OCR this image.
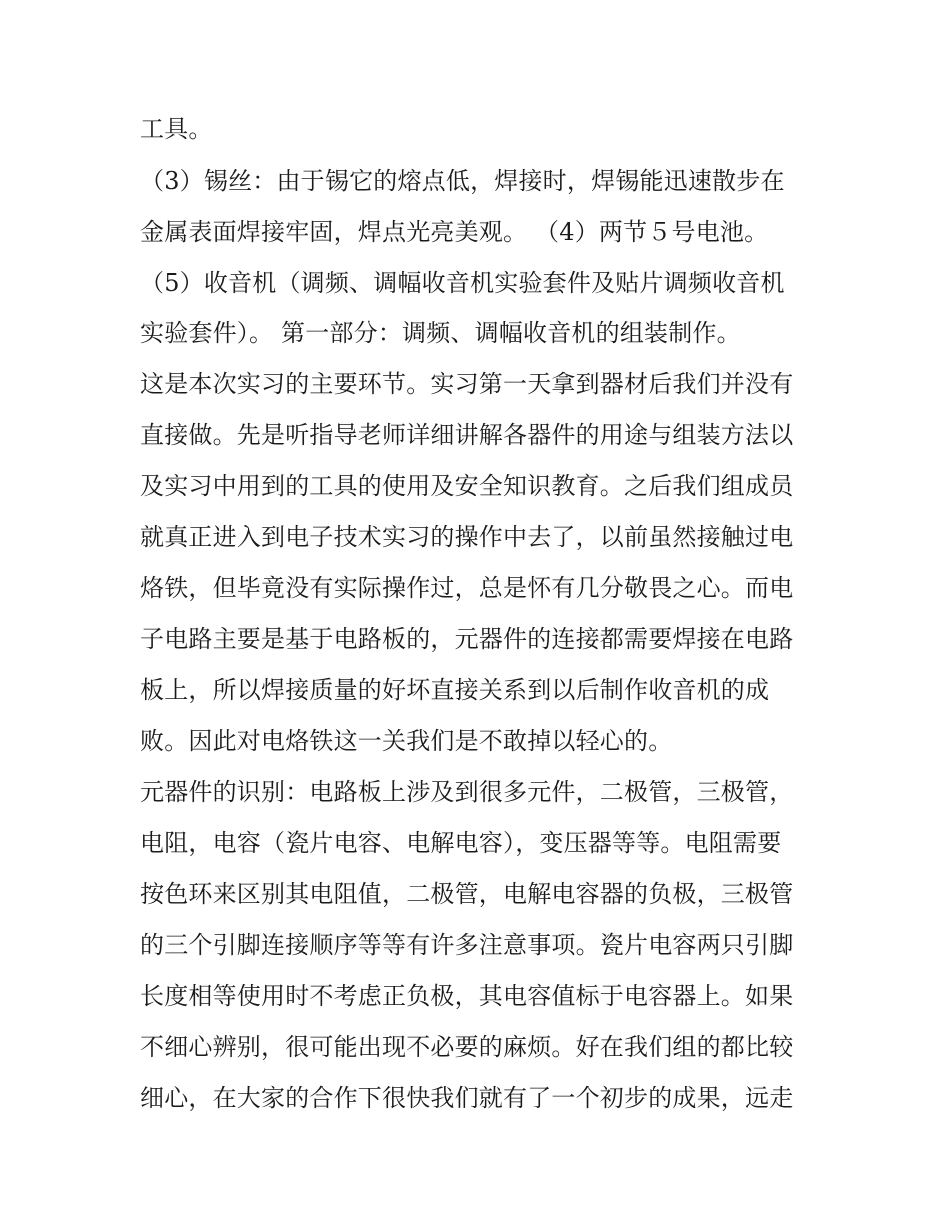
工具。

（3）锡丝：由于锡它的熔点低，焊接时，焊锡能迅速散步在

金属表面焊接牢固，焊点光亮美观。 （4）两节５号电池。

（5）收音机（调频、调幅收音机实验套件及贴片调频收音机

实验套件）。 第一部分：调频、调幅收音机的组装制作。

这是本次实习的主要环节。实习第一天拿到器材后我们并没有

直接做。先是听指导老师详细讲解各器件的用途与组装方法以

及实习中用到的工具的使用及安全知识教育。之后我们组成员

就真正进入到电子技术实习的操作中去了，以前虽然接触过电

烙铁，但毕竟没有实际操作过，总是怀有几分敬畏之心。而电

子电路主要是基于电路板的，元器件的连接都需要焊接在电路

板上，所以焊接质量的好坏直接关系到以后制作收音机的成

败。因此对电烙铁这一关我们是不敢掉以轻心的。

元器件的识别：电路板上涉及到很多元件，二极管，三极管，

电阻，电容（瓷片电容、电解电容），变压器等等。电阻需要

按色环来区别其电阻值，二极管，电解电容器的负极，三极管

的三个引脚连接顺序等等有许多注意事项。瓷片电容两只引脚

长度相等使用时不考虑正负极，其电容值标于电容器上。如果

不细心辨别，很可能出现不必要的麻烦。好在我们组的都比较

细心，在大家的合作下很快我们就有了一个初步的成果，远走
